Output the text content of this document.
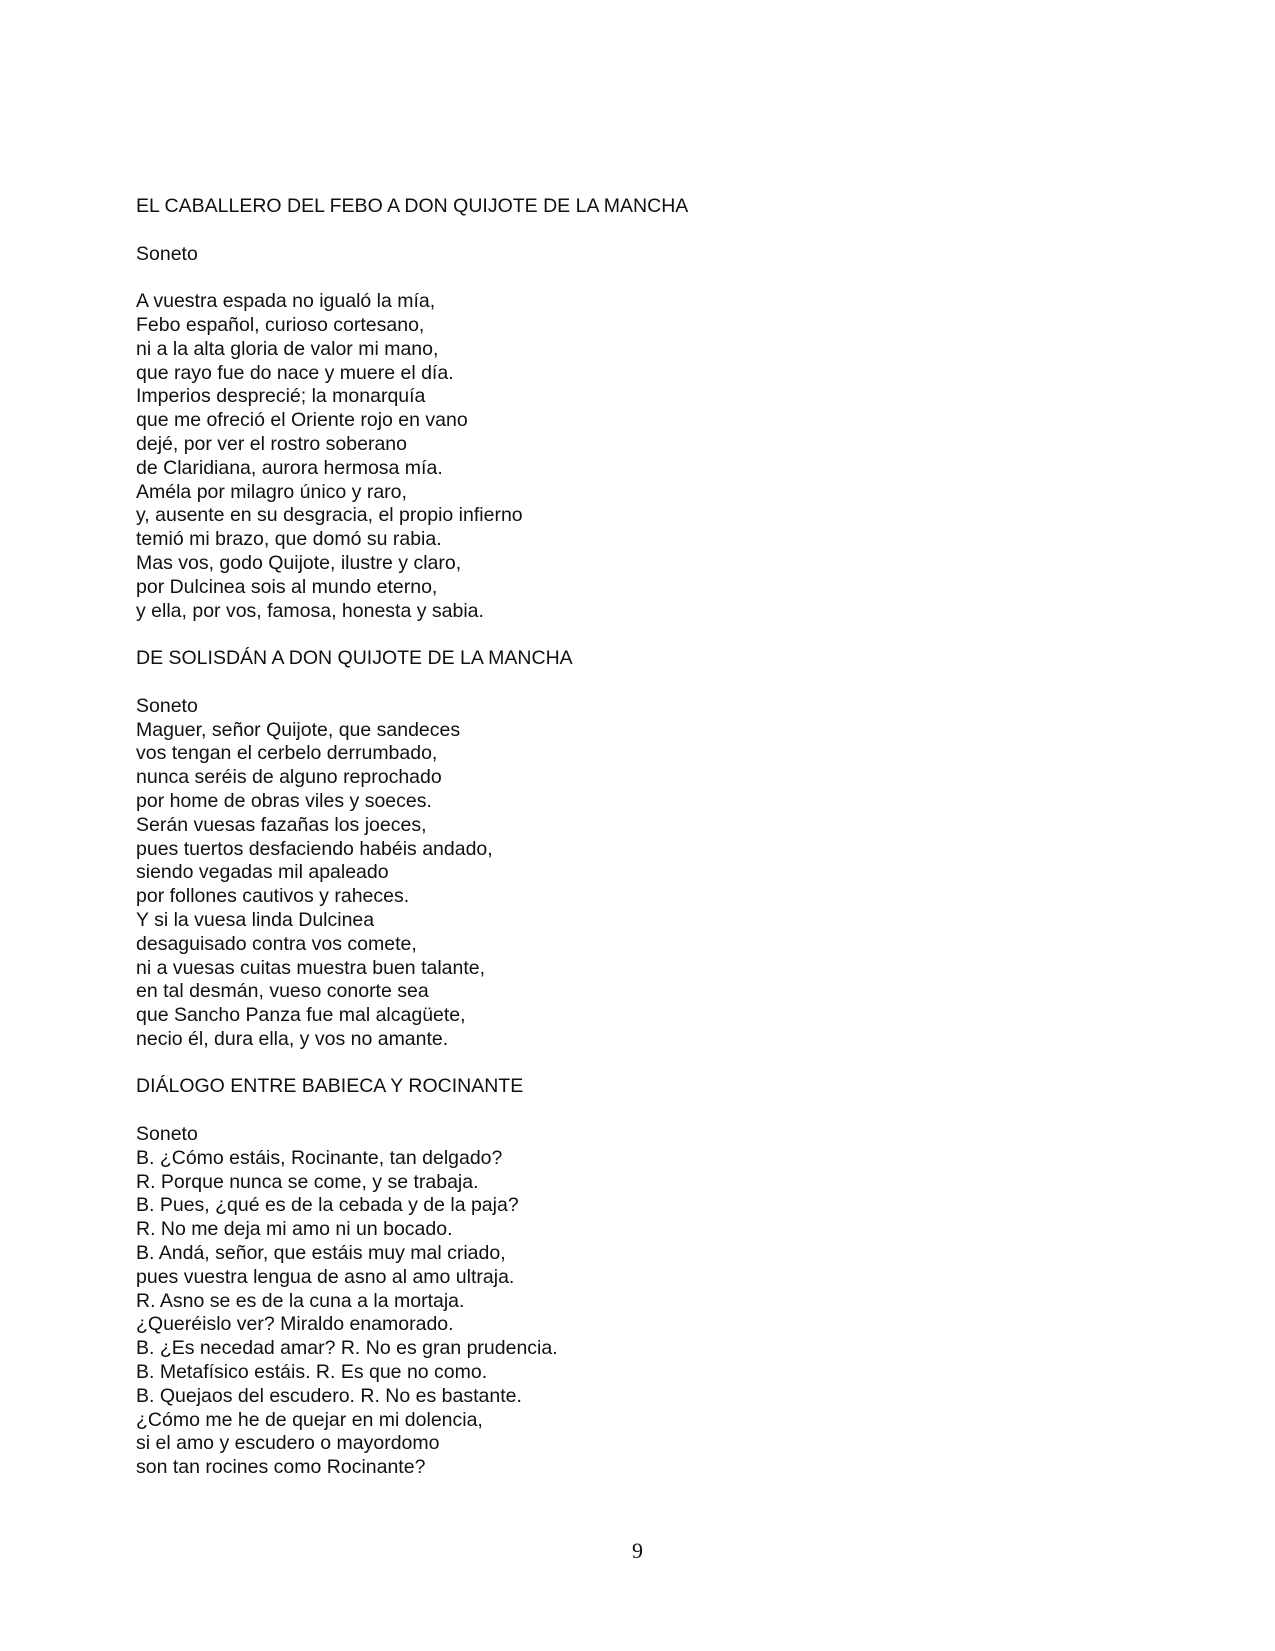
EL CABALLERO DEL FEBO A DON QUIJOTE DE LA MANCHA
Soneto
A vuestra espada no igualó la mía,
Febo español, curioso cortesano,
ni a la alta gloria de valor mi mano,
que rayo fue do nace y muere el día.
Imperios desprecié; la monarquía
que me ofreció el Oriente rojo en vano
dejé, por ver el rostro soberano
de Claridiana, aurora hermosa mía.
Améla por milagro único y raro,
y, ausente en su desgracia, el propio infierno
temió mi brazo, que domó su rabia.
Mas vos, godo Quijote, ilustre y claro,
por Dulcinea sois al mundo eterno,
y ella, por vos, famosa, honesta y sabia.
DE SOLISDÁN A DON QUIJOTE DE LA MANCHA
Soneto
Maguer, señor Quijote, que sandeces
vos tengan el cerbelo derrumbado,
nunca seréis de alguno reprochado
por home de obras viles y soeces.
Serán vuesas fazañas los joeces,
pues tuertos desfaciendo habéis andado,
siendo vegadas mil apaleado
por follones cautivos y raheces.
Y si la vuesa linda Dulcinea
desaguisado contra vos comete,
ni a vuesas cuitas muestra buen talante,
en tal desmán, vueso conorte sea
que Sancho Panza fue mal alcagüete,
necio él, dura ella, y vos no amante.
DIÁLOGO ENTRE BABIECA Y ROCINANTE
Soneto
B. ¿Cómo estáis, Rocinante, tan delgado?
R. Porque nunca se come, y se trabaja.
B. Pues, ¿qué es de la cebada y de la paja?
R. No me deja mi amo ni un bocado.
B. Andá, señor, que estáis muy mal criado,
pues vuestra lengua de asno al amo ultraja.
R. Asno se es de la cuna a la mortaja.
¿Queréislo ver? Miraldo enamorado.
B. ¿Es necedad amar? R. No es gran prudencia.
B. Metafísico estáis. R. Es que no como.
B. Quejaos del escudero. R. No es bastante.
¿Cómo me he de quejar en mi dolencia,
si el amo y escudero o mayordomo
son tan rocines como Rocinante?
9
